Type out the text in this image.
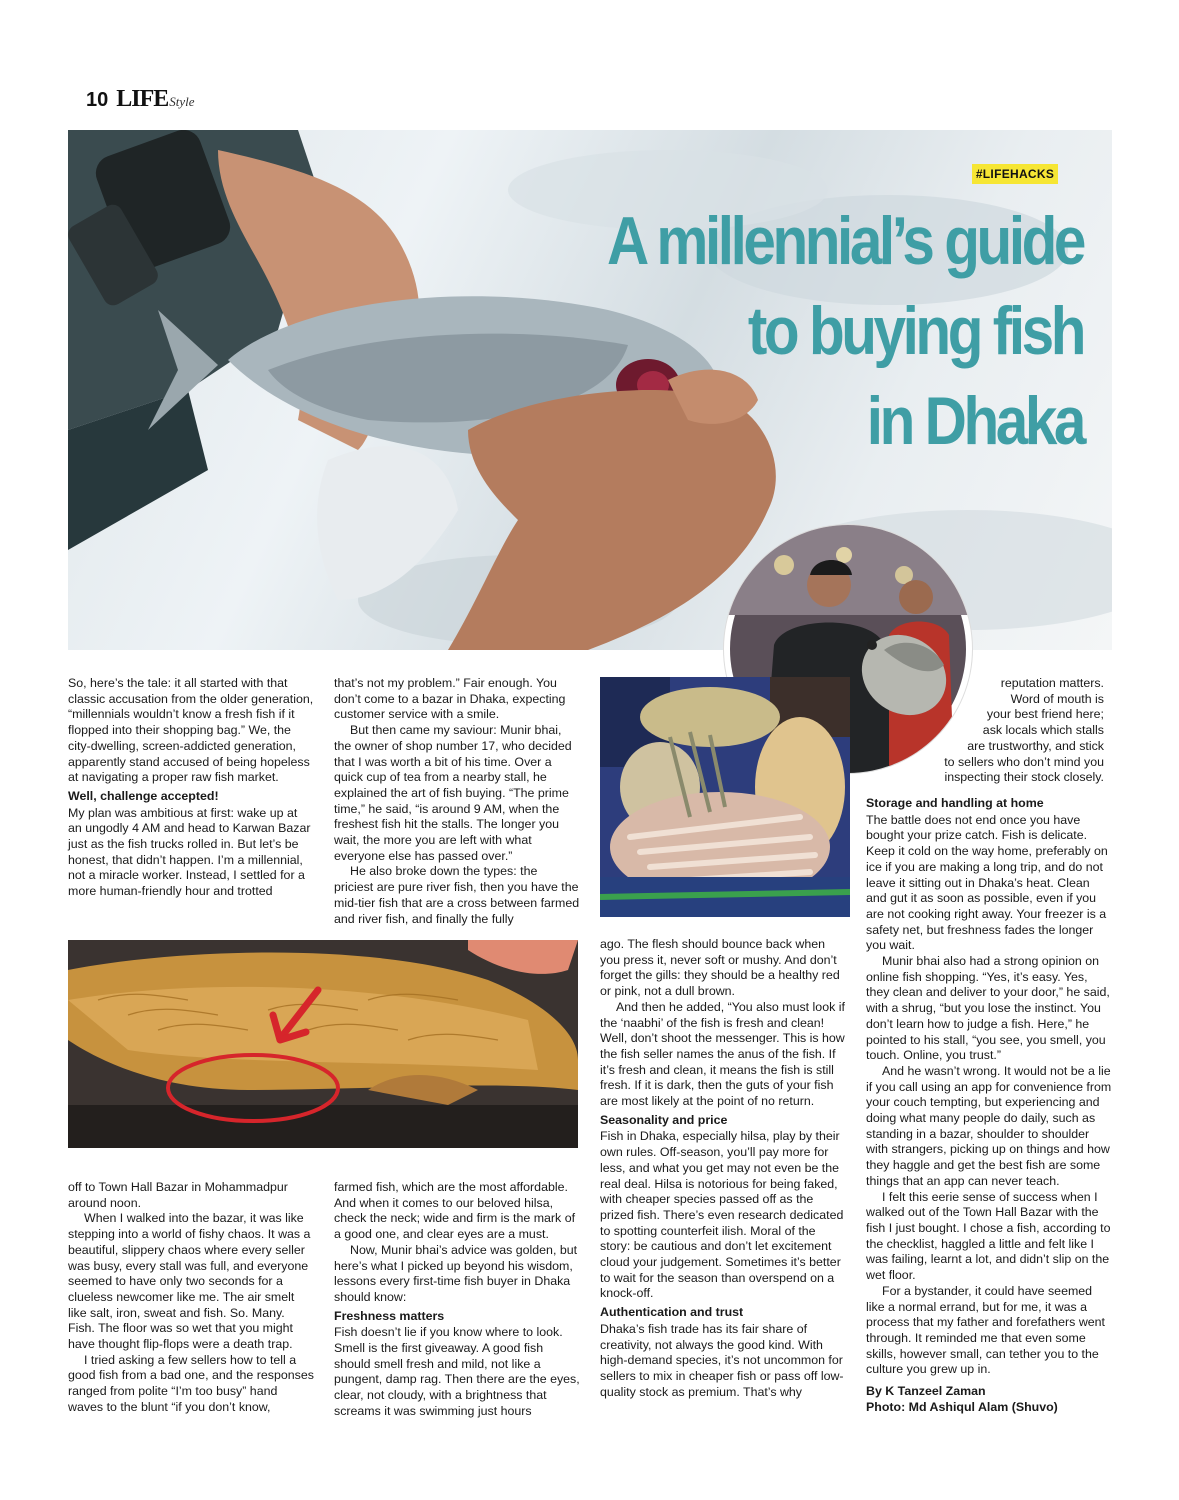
10 LIFE Style
#LIFEHACKS
A millennial’s guide
to buying fish
in Dhaka

So, here’s the tale: it all started with that classic accusation from the older generation, “millennials wouldn’t know a fresh fish if it flopped into their shopping bag.” We, the city-dwelling, screen-addicted generation, apparently stand accused of being hopeless at navigating a proper raw fish market.

Well, challenge accepted!

My plan was ambitious at first: wake up at an ungodly 4 AM and head to Karwan Bazar just as the fish trucks rolled in. But let’s be honest, that didn’t happen. I’m a millennial, not a miracle worker. Instead, I settled for a more human-friendly hour and trotted

that’s not my problem.” Fair enough. You don’t come to a bazar in Dhaka, expecting customer service with a smile.

But then came my saviour: Munir bhai, the owner of shop number 17, who decided that I was worth a bit of his time. Over a quick cup of tea from a nearby stall, he explained the art of fish buying. “The prime time,” he said, “is around 9 AM, when the freshest fish hit the stalls. The longer you wait, the more you are left with what everyone else has passed over.”

He also broke down the types: the priciest are pure river fish, then you have the mid-tier fish that are a cross between farmed and river fish, and finally the fully

off to Town Hall Bazar in Mohammadpur around noon.

When I walked into the bazar, it was like stepping into a world of fishy chaos. It was a beautiful, slippery chaos where every seller was busy, every stall was full, and everyone seemed to have only two seconds for a clueless newcomer like me. The air smelt like salt, iron, sweat and fish. So. Many. Fish. The floor was so wet that you might have thought flip-flops were a death trap.

I tried asking a few sellers how to tell a good fish from a bad one, and the responses ranged from polite “I’m too busy” hand waves to the blunt “if you don’t know,

farmed fish, which are the most affordable. And when it comes to our beloved hilsa, check the neck; wide and firm is the mark of a good one, and clear eyes are a must.

Now, Munir bhai’s advice was golden, but here’s what I picked up beyond his wisdom, lessons every first-time fish buyer in Dhaka should know:

Freshness matters

Fish doesn’t lie if you know where to look. Smell is the first giveaway. A good fish should smell fresh and mild, not like a pungent, damp rag. Then there are the eyes, clear, not cloudy, with a brightness that screams it was swimming just hours

ago. The flesh should bounce back when you press it, never soft or mushy. And don’t forget the gills: they should be a healthy red or pink, not a dull brown.

And then he added, “You also must look if the ‘naabhi’ of the fish is fresh and clean! Well, don’t shoot the messenger. This is how the fish seller names the anus of the fish. If it’s fresh and clean, it means the fish is still fresh. If it is dark, then the guts of your fish are most likely at the point of no return.

Seasonality and price

Fish in Dhaka, especially hilsa, play by their own rules. Off-season, you’ll pay more for less, and what you get may not even be the real deal. Hilsa is notorious for being faked, with cheaper species passed off as the prized fish. There’s even research dedicated to spotting counterfeit ilish. Moral of the story: be cautious and don’t let excitement cloud your judgement. Sometimes it’s better to wait for the season than overspend on a knock-off.

Authentication and trust

Dhaka’s fish trade has its fair share of creativity, not always the good kind. With high-demand species, it’s not uncommon for sellers to mix in cheaper fish or pass off low-quality stock as premium. That’s why

reputation matters.

Word of mouth is

your best friend here;

ask locals which stalls

are trustworthy, and stick

to sellers who don’t mind you

inspecting their stock closely.

Storage and handling at home

The battle does not end once you have bought your prize catch. Fish is delicate. Keep it cold on the way home, preferably on ice if you are making a long trip, and do not leave it sitting out in Dhaka’s heat. Clean and gut it as soon as possible, even if you are not cooking right away. Your freezer is a safety net, but freshness fades the longer you wait.

Munir bhai also had a strong opinion on online fish shopping. “Yes, it’s easy. Yes, they clean and deliver to your door,” he said, with a shrug, “but you lose the instinct. You don’t learn how to judge a fish. Here,” he pointed to his stall, “you see, you smell, you touch. Online, you trust.”

And he wasn’t wrong. It would not be a lie if you call using an app for convenience from your couch tempting, but experiencing and doing what many people do daily, such as standing in a bazar, shoulder to shoulder with strangers, picking up on things and how they haggle and get the best fish are some things that an app can never teach.

I felt this eerie sense of success when I walked out of the Town Hall Bazar with the fish I just bought. I chose a fish, according to the checklist, haggled a little and felt like I was failing, learnt a lot, and didn’t slip on the wet floor.

For a bystander, it could have seemed like a normal errand, but for me, it was a process that my father and forefathers went through. It reminded me that even some skills, however small, can tether you to the culture you grew up in.

By K Tanzeel Zaman

Photo: Md Ashiqul Alam (Shuvo)
